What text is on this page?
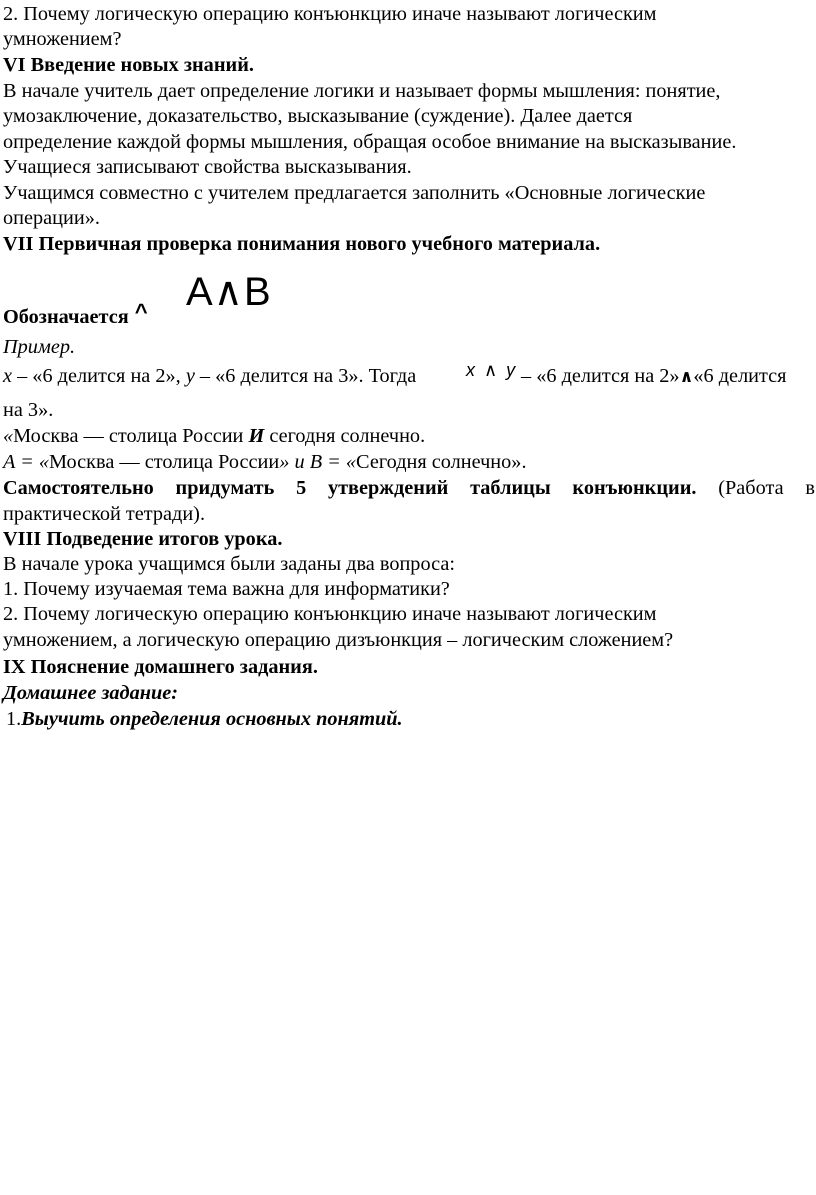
2. Почему логическую операцию конъюнкцию иначе называют логическим
умножением?
VI Введение новых знаний.
В начале учитель дает определение логики и называет формы мышления: понятие,
умозаключение, доказательство, высказывание (суждение). Далее дается
определение каждой формы мышления, обращая особое внимание на высказывание.
Учащиеся записывают свойства высказывания.
Учащимся совместно с учителем предлагается заполнить «Основные логические
операции».
VII Первичная проверка понимания нового учебного материала.
Обозначается ^ A∧B
Пример.
x – «6 делится на 2», y – «6 делится на 3». Тогда	x ∧ y – «6 делится на 2»∧«6 делится
на 3».
«Москва — столица России И сегодня солнечно.
A = «Москва — столица России» и B = «Сегодня солнечно».
Самостоятельно придумать 5 утверждений таблицы конъюнкции. (Работа в
практической тетради).
VIII Подведение итогов урока.
В начале урока учащимся были заданы два вопроса:
1. Почему изучаемая тема важна для информатики?
2. Почему логическую операцию конъюнкцию иначе называют логическим
умножением, а логическую операцию дизъюнкция – логическим сложением?
IX Пояснение домашнего задания.
Домашнее задание:
1.Выучить определения основных понятий.
